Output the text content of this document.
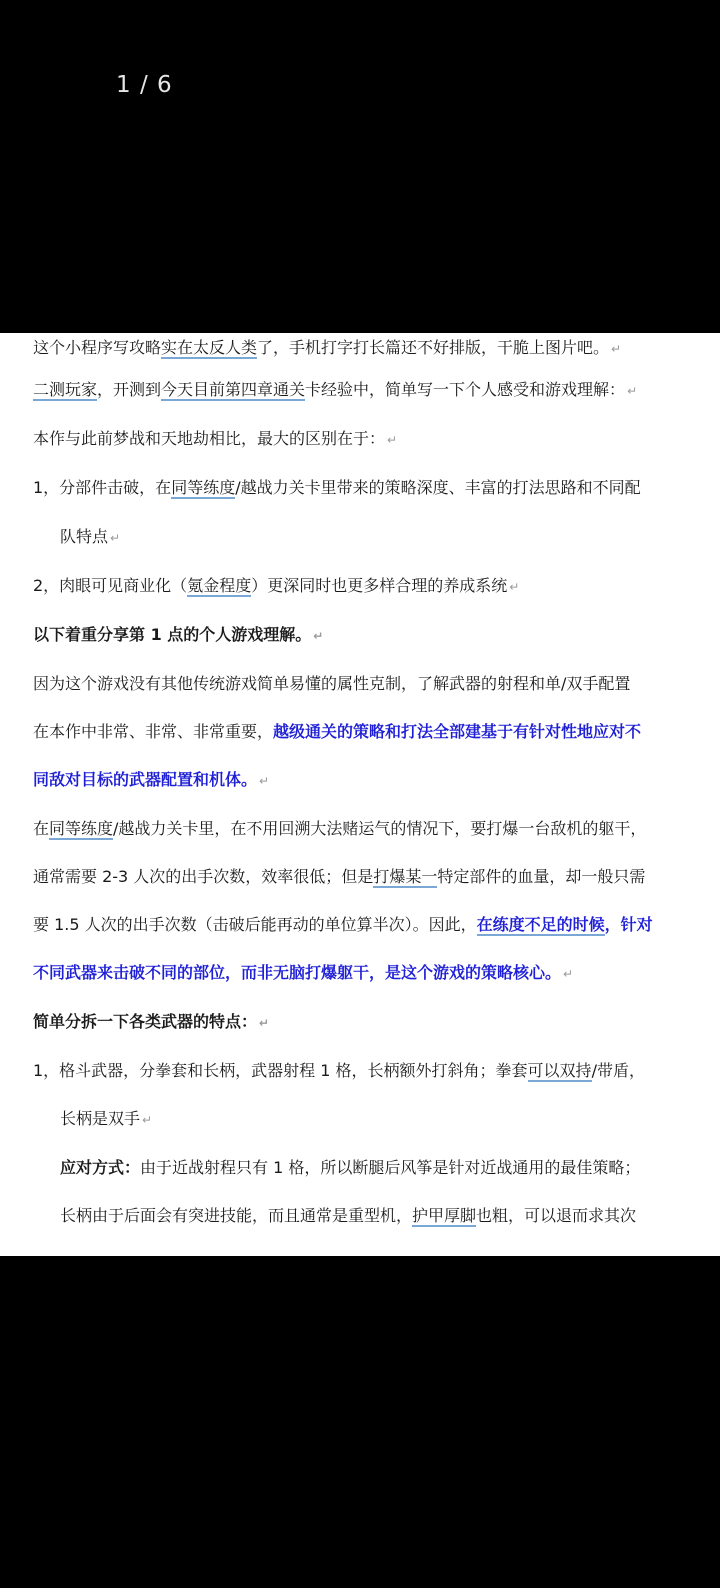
1 / 6
这个小程序写攻略实在太反人类了，手机打字打长篇还不好排版，干脆上图片吧。 ↵
二测玩家，开测到今天目前第四章通关卡经验中，简单写一下个人感受和游戏理解： ↵
本作与此前梦战和天地劫相比，最大的区别在于： ↵
1，分部件击破，在同等练度/越战力关卡里带来的策略深度、丰富的打法思路和不同配
队特点 ↵
2，肉眼可见商业化（氪金程度）更深同时也更多样合理的养成系统 ↵
以下着重分享第 1 点的个人游戏理解。 ↵
因为这个游戏没有其他传统游戏简单易懂的属性克制，了解武器的射程和单/双手配置
在本作中非常、非常、非常重要，越级通关的策略和打法全部建基于有针对性地应对不
同敌对目标的武器配置和机体。 ↵
在同等练度/越战力关卡里，在不用回溯大法赌运气的情况下，要打爆一台敌机的躯干，
通常需要 2-3 人次的出手次数，效率很低；但是打爆某一特定部件的血量，却一般只需
要 1.5 人次的出手次数（击破后能再动的单位算半次）。因此，在练度不足的时候，针对
不同武器来击破不同的部位，而非无脑打爆躯干，是这个游戏的策略核心。 ↵
简单分拆一下各类武器的特点： ↵
1，格斗武器，分拳套和长柄，武器射程 1 格，长柄额外打斜角；拳套可以双持/带盾，
长柄是双手 ↵
应对方式：由于近战射程只有 1 格，所以断腿后风筝是针对近战通用的最佳策略；
长柄由于后面会有突进技能，而且通常是重型机，护甲厚脚也粗，可以退而求其次
